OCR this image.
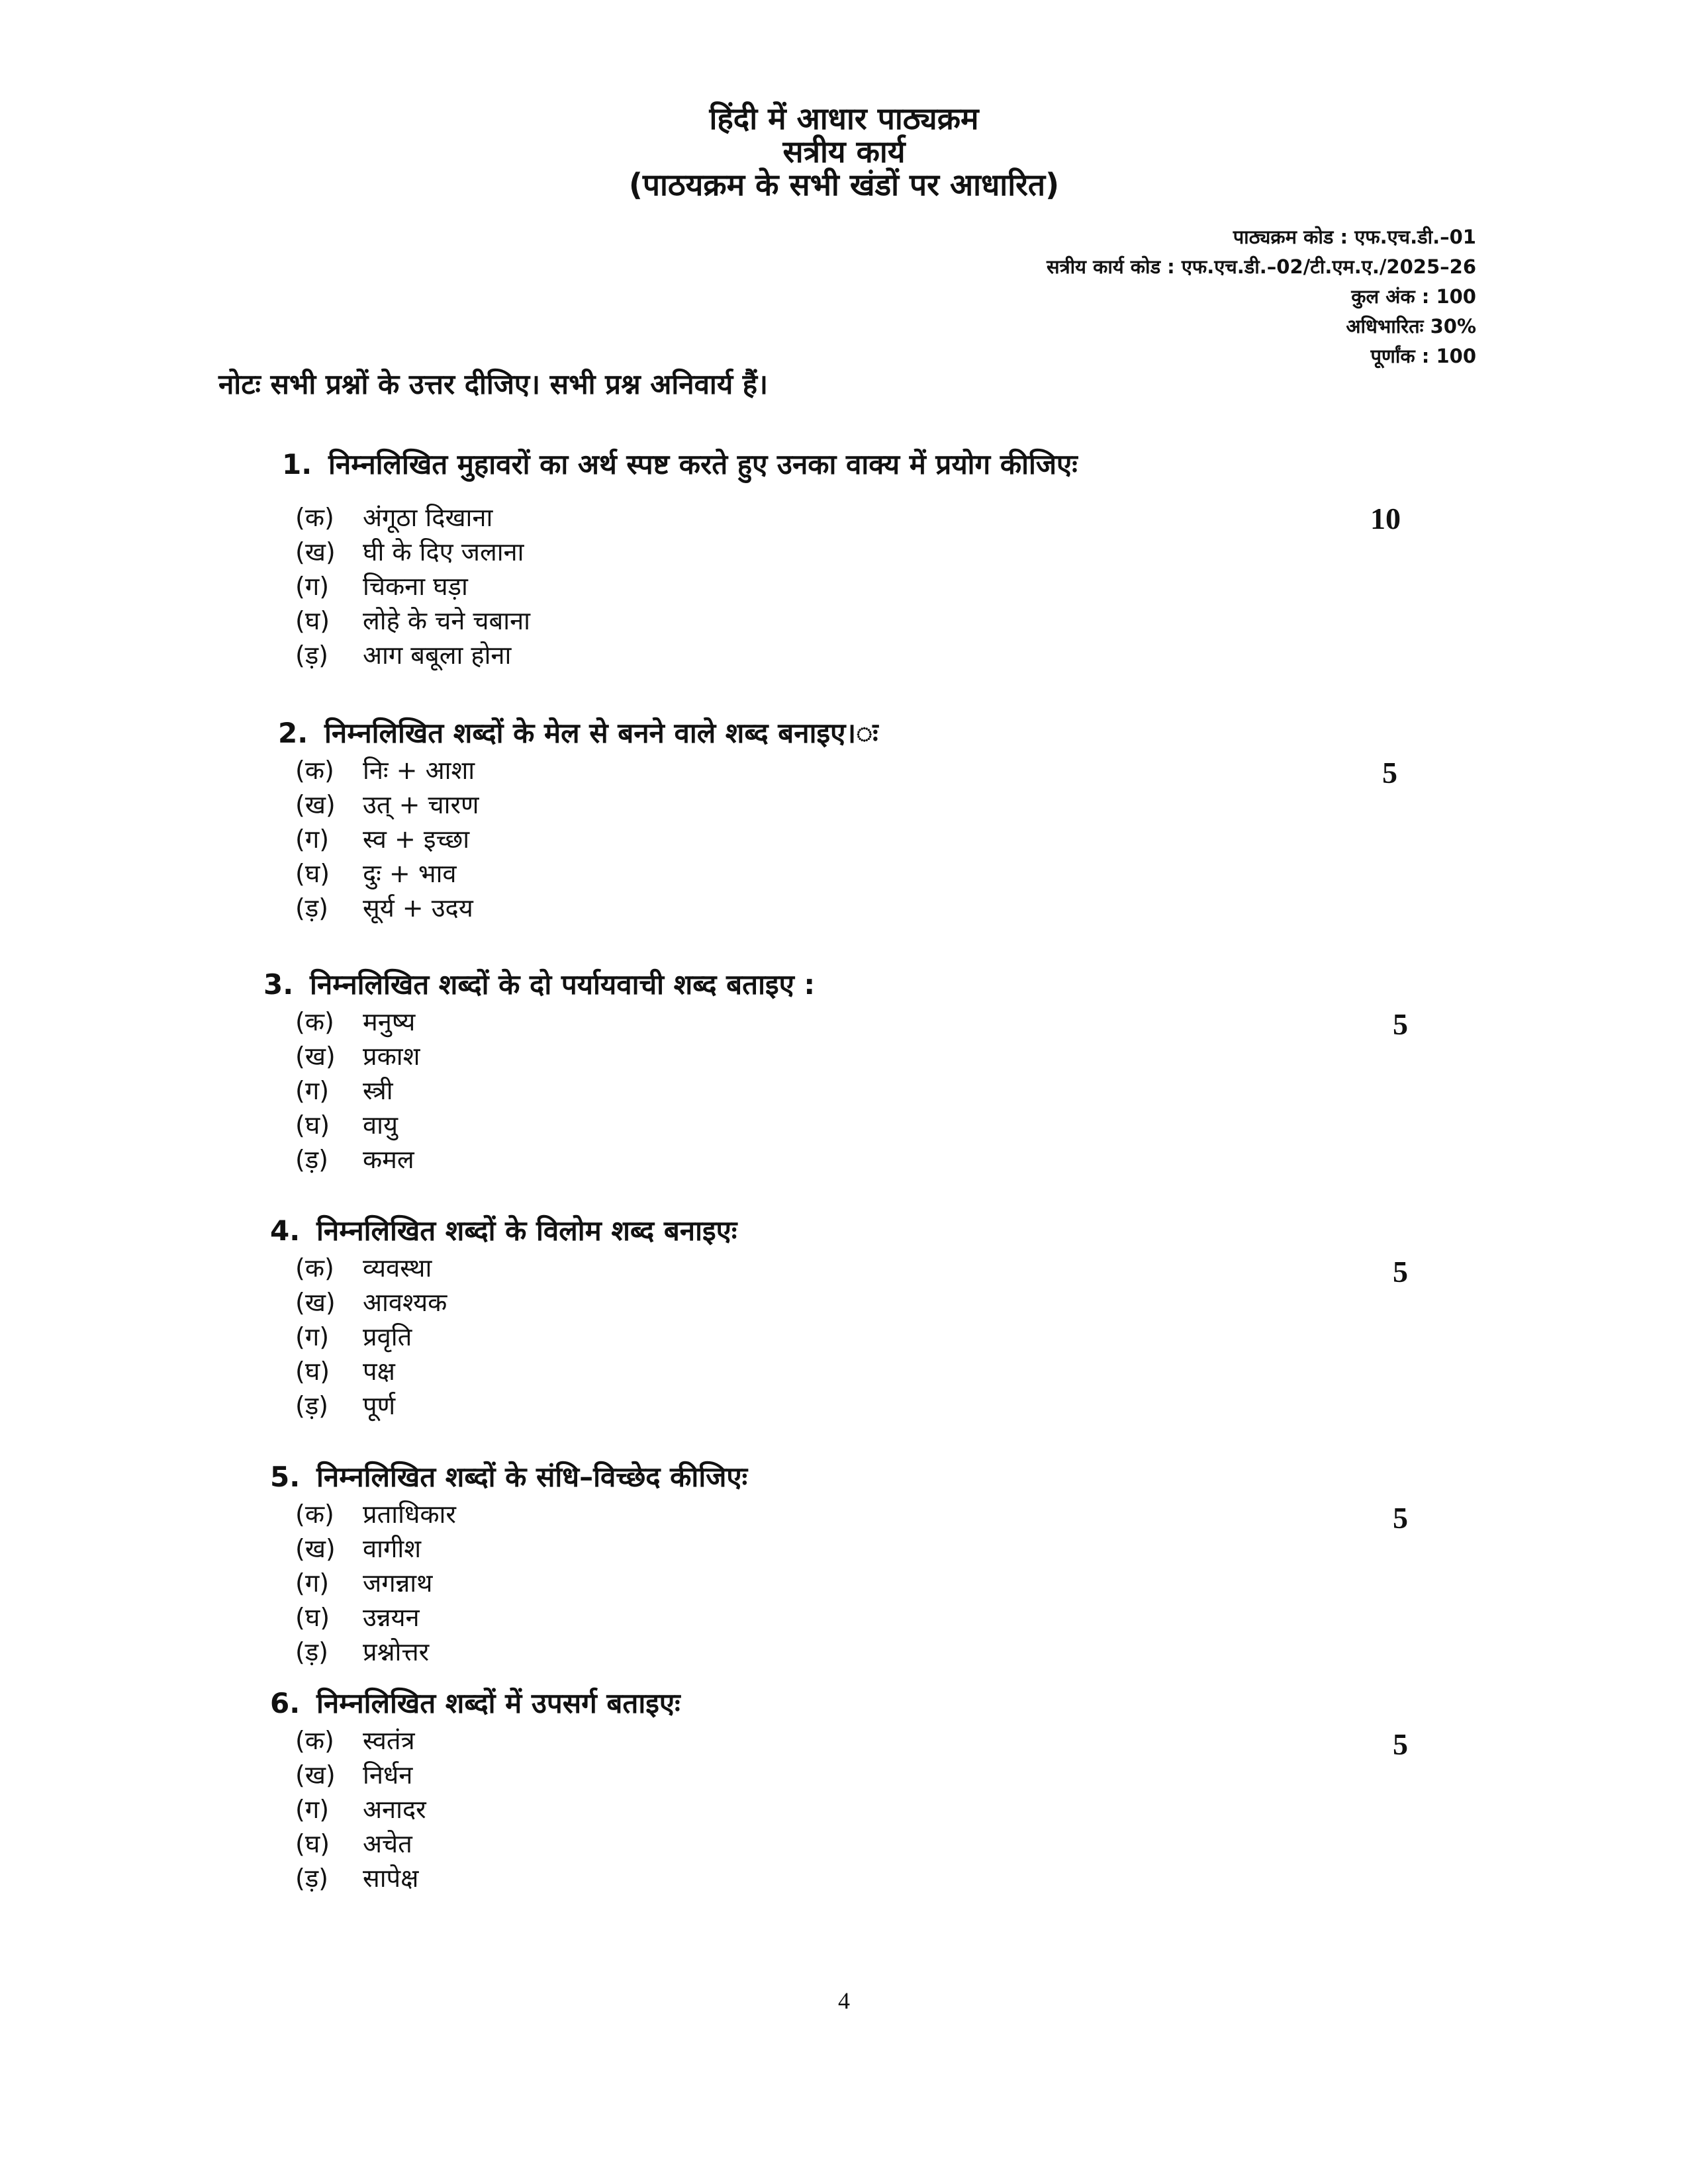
हिंदी में आधार पाठ्यक्रम
सत्रीय कार्य
(पाठयक्रम के सभी खंडों पर आधारित)
पाठ्यक्रम कोड : एफ.एच.डी.–01
सत्रीय कार्य कोड : एफ.एच.डी.–02/टी.एम.ए./2025–26
कुल अंक : 100
अधिभारितः 30%
पूर्णांक : 100
नोटः सभी प्रश्नों के उत्तर दीजिए। सभी प्रश्न अनिवार्य हैं।
1. निम्नलिखित मुहावरों का अर्थ स्पष्ट करते हुए उनका वाक्य में प्रयोग कीजिएः
10
(क) अंगूठा दिखाना
(ख) घी के दिए जलाना
(ग) चिकना घड़ा
(घ) लोहे के चने चबाना
(ड़) आग बबूला होना
2. निम्नलिखित शब्दों के मेल से बनने वाले शब्द बनाइए।ः
5
(क) निः + आशा
(ख) उत् + चारण
(ग) स्व + इच्छा
(घ) दुः + भाव
(ड़) सूर्य + उदय
3. निम्नलिखित शब्दों के दो पर्यायवाची शब्द बताइए :
5
(क) मनुष्य
(ख) प्रकाश
(ग) स्त्री
(घ) वायु
(ड़) कमल
4. निम्नलिखित शब्दों के विलोम शब्द बनाइएः
5
(क) व्यवस्था
(ख) आवश्यक
(ग) प्रवृति
(घ) पक्ष
(ड़) पूर्ण
5. निम्नलिखित शब्दों के संधि–विच्छेद कीजिएः
5
(क) प्रताधिकार
(ख) वागीश
(ग) जगन्नाथ
(घ) उन्नयन
(ड़) प्रश्नोत्तर
6. निम्नलिखित शब्दों में उपसर्ग बताइएः
5
(क) स्वतंत्र
(ख) निर्धन
(ग) अनादर
(घ) अचेत
(ड़) सापेक्ष
4
